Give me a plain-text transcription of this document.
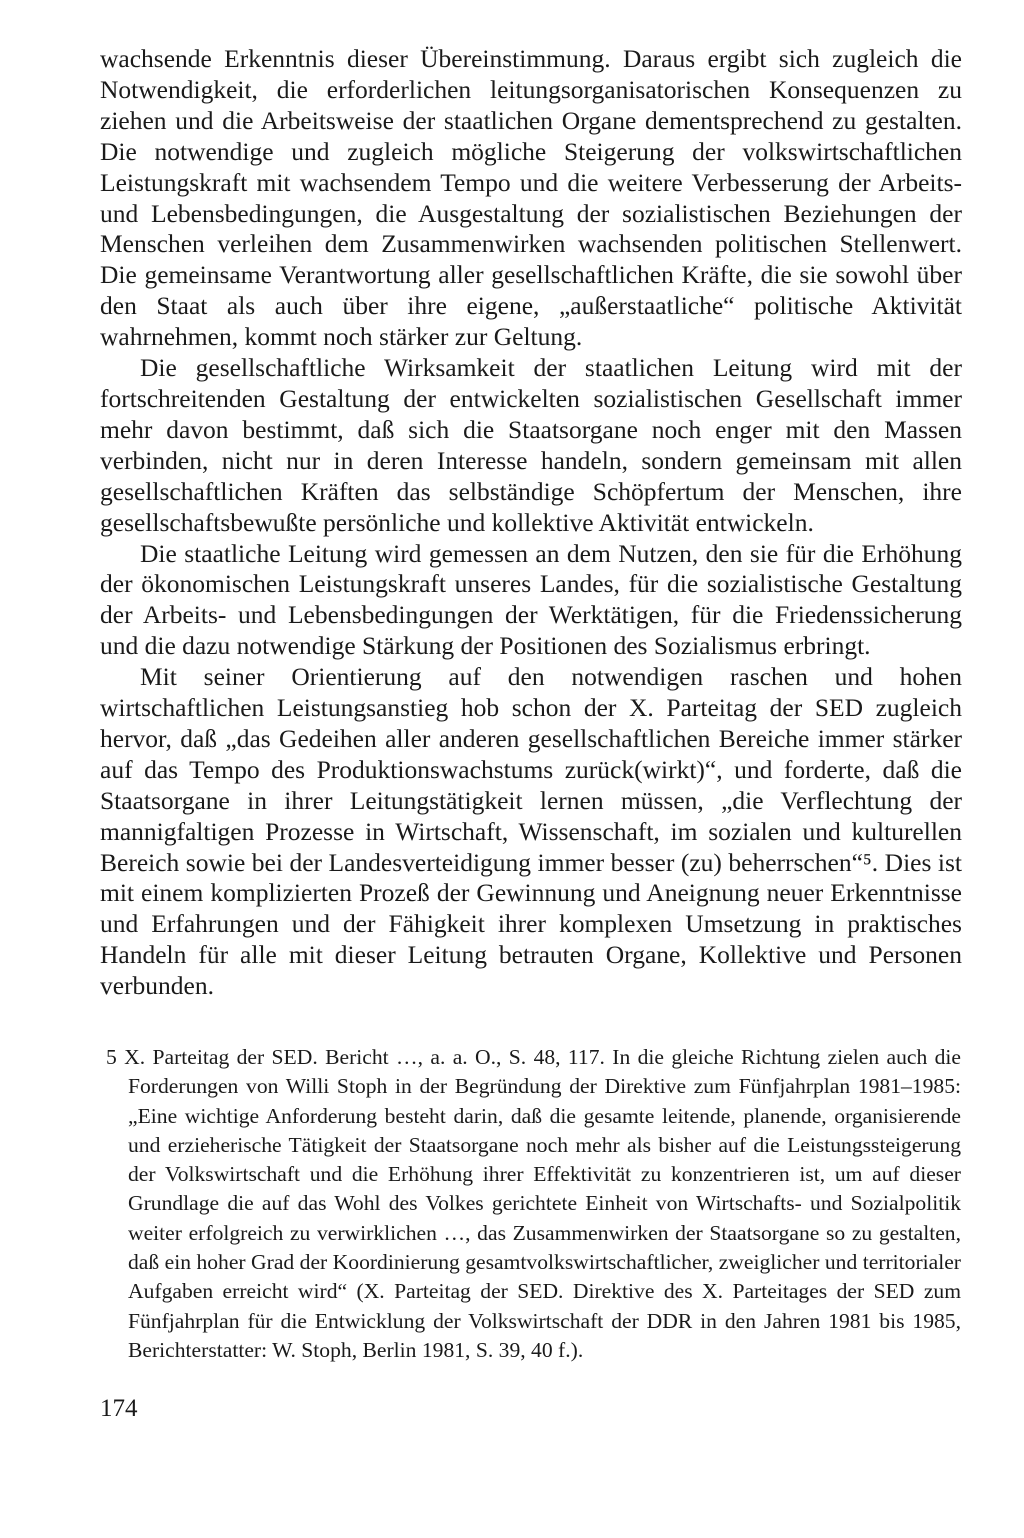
wachsende Erkenntnis dieser Übereinstimmung. Daraus ergibt sich zugleich die Notwendigkeit, die erforderlichen leitungsorganisatorischen Konsequenzen zu ziehen und die Arbeitsweise der staatlichen Organe dementsprechend zu gestalten. Die notwendige und zugleich mögliche Steigerung der volkswirtschaftlichen Leistungskraft mit wachsendem Tempo und die weitere Verbesserung der Arbeits- und Lebensbedingungen, die Ausgestaltung der sozialistischen Beziehungen der Menschen verleihen dem Zusammenwirken wachsenden politischen Stellenwert. Die gemeinsame Verantwortung aller gesellschaftlichen Kräfte, die sie sowohl über den Staat als auch über ihre eigene, „außerstaatliche“ politische Aktivität wahrnehmen, kommt noch stärker zur Geltung.

Die gesellschaftliche Wirksamkeit der staatlichen Leitung wird mit der fortschreitenden Gestaltung der entwickelten sozialistischen Gesellschaft immer mehr davon bestimmt, daß sich die Staatsorgane noch enger mit den Massen verbinden, nicht nur in deren Interesse handeln, sondern gemeinsam mit allen gesellschaftlichen Kräften das selbständige Schöpfertum der Menschen, ihre gesellschaftsbewußte persönliche und kollektive Aktivität entwickeln.

Die staatliche Leitung wird gemessen an dem Nutzen, den sie für die Erhöhung der ökonomischen Leistungskraft unseres Landes, für die sozialistische Gestaltung der Arbeits- und Lebensbedingungen der Werktätigen, für die Friedenssicherung und die dazu notwendige Stärkung der Positionen des Sozialismus erbringt.

Mit seiner Orientierung auf den notwendigen raschen und hohen wirtschaftlichen Leistungsanstieg hob schon der X. Parteitag der SED zugleich hervor, daß „das Gedeihen aller anderen gesellschaftlichen Bereiche immer stärker auf das Tempo des Produktionswachstums zurück(wirkt)“, und forderte, daß die Staatsorgane in ihrer Leitungstätigkeit lernen müssen, „die Verflechtung der mannigfaltigen Prozesse in Wirtschaft, Wissenschaft, im sozialen und kulturellen Bereich sowie bei der Landesverteidigung immer besser (zu) beherrschen“⁵. Dies ist mit einem komplizierten Prozeß der Gewinnung und Aneignung neuer Erkenntnisse und Erfahrungen und der Fähigkeit ihrer komplexen Umsetzung in praktisches Handeln für alle mit dieser Leitung betrauten Organe, Kollektive und Personen verbunden.

5 X. Parteitag der SED. Bericht …, a. a. O., S. 48, 117. In die gleiche Richtung zielen auch die Forderungen von Willi Stoph in der Begründung der Direktive zum Fünfjahrplan 1981–1985: „Eine wichtige Anforderung besteht darin, daß die gesamte leitende, planende, organisierende und erzieherische Tätigkeit der Staatsorgane noch mehr als bisher auf die Leistungssteigerung der Volkswirtschaft und die Erhöhung ihrer Effektivität zu konzentrieren ist, um auf dieser Grundlage die auf das Wohl des Volkes gerichtete Einheit von Wirtschafts- und Sozialpolitik weiter erfolgreich zu verwirklichen …, das Zusammenwirken der Staatsorgane so zu gestalten, daß ein hoher Grad der Koordinierung gesamtvolkswirtschaftlicher, zweiglicher und territorialer Aufgaben erreicht wird“ (X. Parteitag der SED. Direktive des X. Parteitages der SED zum Fünfjahrplan für die Entwicklung der Volkswirtschaft der DDR in den Jahren 1981 bis 1985, Berichterstatter: W. Stoph, Berlin 1981, S. 39, 40 f.).

174
